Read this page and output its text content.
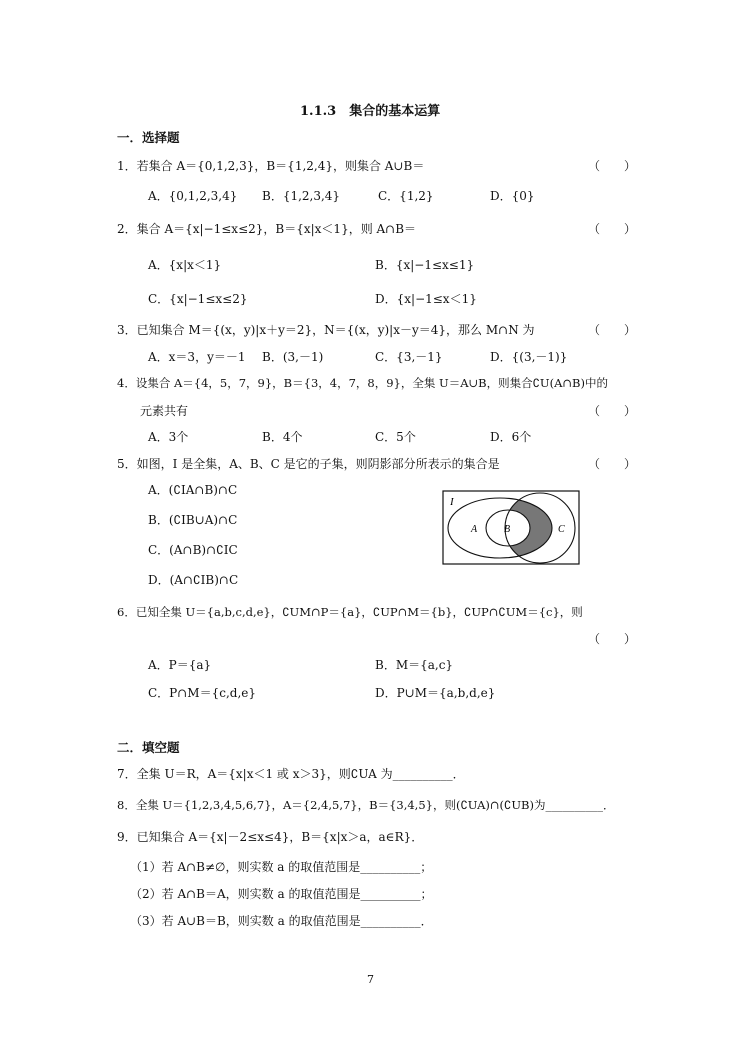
1.1.3　集合的基本运算
一．选择题
1．若集合 A＝{0,1,2,3}，B＝{1,2,4}，则集合 A∪B＝	（　　）
A．{0,1,2,3,4} B．{1,2,3,4}	C．{1,2}	D．{0}
2．集合 A＝{x|−1≤x≤2}，B＝{x|x＜1}，则 A∩B＝	（　　）
A．{x|x＜1}	B．{x|−1≤x≤1}
C．{x|−1≤x≤2}	D．{x|−1≤x＜1}
3．已知集合 M＝{(x，y)|x＋y＝2}，N＝{(x，y)|x－y＝4}，那么 M∩N 为	（　　）
A．x＝3，y＝－1 B．(3,－1)	C．{3,－1}	D．{(3,－1)}
4．设集合 A＝{4，5，7，9}，B＝{3，4，7，8，9}，全集 U＝A∪B，则集合∁U(A∩B)中的
元素共有	（　　）
A．3个	B．4个	C．5个	D．6个
5．如图，I 是全集，A、B、C 是它的子集，则阴影部分所表示的集合是	（　　）
A．(∁IA∩B)∩C
B．(∁IB∪A)∩C
C．(A∩B)∩∁IC
D．(A∩∁IB)∩C
I
A	B	C
6．已知全集 U＝{a,b,c,d,e}，∁UM∩P＝{a}，∁UP∩M＝{b}，∁UP∩∁UM＝{c}，则
（　　）
A．P＝{a}	B．M＝{a,c}
C．P∩M＝{c,d,e}	D．P∪M＝{a,b,d,e}
二．填空题
7．全集 U＝R，A＝{x|x＜1 或 x＞3}，则∁UA 为__________．
8．全集 U＝{1,2,3,4,5,6,7}，A＝{2,4,5,7}，B＝{3,4,5}，则(∁UA)∩(∁UB)为__________．
9．已知集合 A＝{x|－2≤x≤4}，B＝{x|x＞a，a∈R}．
（1）若 A∩B≠∅，则实数 a 的取值范围是__________；
（2）若 A∩B＝A，则实数 a 的取值范围是__________；
（3）若 A∪B＝B，则实数 a 的取值范围是__________．
7
